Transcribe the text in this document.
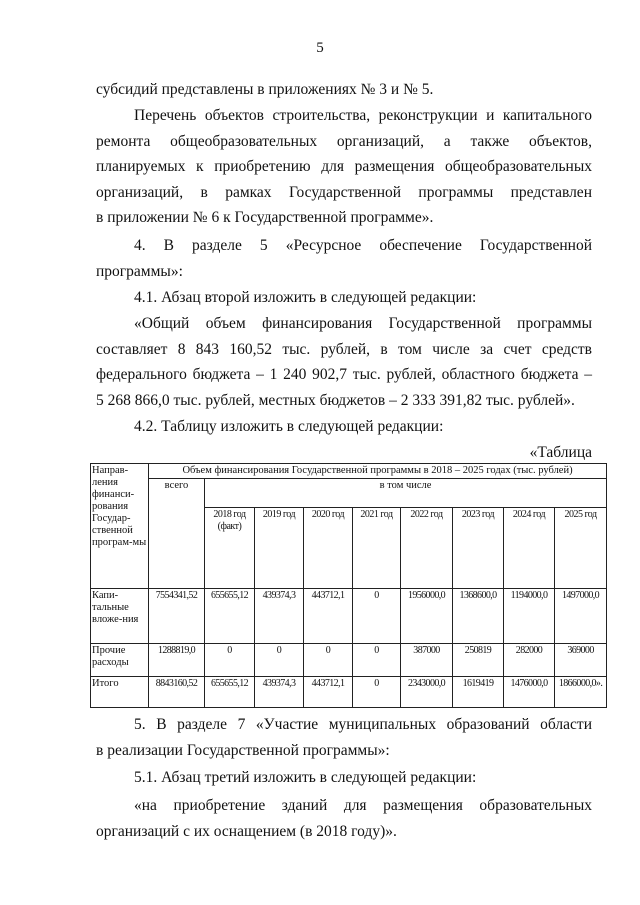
5
субсидий представлены в приложениях № 3 и № 5.
Перечень объектов строительства, реконструкции и капитального
ремонта общеобразовательных организаций, а также объектов,
планируемых к приобретению для размещения общеобразовательных
организаций, в рамках Государственной программы представлен
в приложении № 6 к Государственной программе».
4. В разделе 5 «Ресурсное обеспечение Государственной
программы»:
4.1. Абзац второй изложить в следующей редакции:
«Общий объем финансирования Государственной программы
составляет 8 843 160,52 тыс. рублей, в том числе за счет средств
федерального бюджета – 1 240 902,7 тыс. рублей, областного бюджета –
5 268 866,0 тыс. рублей, местных бюджетов – 2 333 391,82 тыс. рублей».
4.2. Таблицу изложить в следующей редакции:
«Таблица
Направ-ления финанси-рования Государ-ственной програм-мы	Объем финансирования Государственной программы в 2018 – 2025 годах (тыс. рублей)								
	всего	в том числе							
		2018 год (факт)	2019 год	2020 год	2021 год	2022 год	2023 год	2024 год	2025 год
Капи-тальные вложе-ния	7554341,52	655655,12	439374,3	443712,1	0	1956000,0	1368600,0	1194000,0	1497000,0
Прочие расходы	1288819,0	0	0	0	0	387000	250819	282000	369000
Итого	8843160,52	655655,12	439374,3	443712,1	0	2343000,0	1619419	1476000,0	1866000,0».
5. В разделе 7 «Участие муниципальных образований области
в реализации Государственной программы»:
5.1. Абзац третий изложить в следующей редакции:
«на приобретение зданий для размещения образовательных
организаций с их оснащением (в 2018 году)».
